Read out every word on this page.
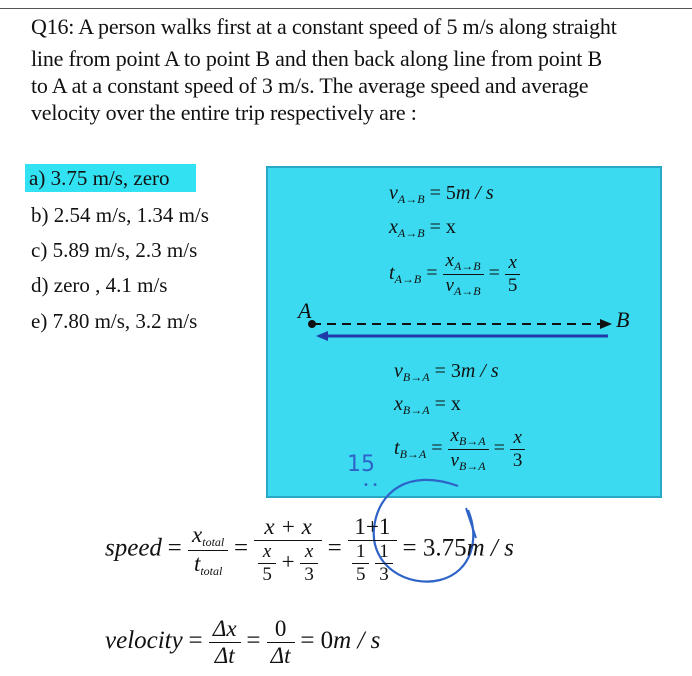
Q16: A person walks first at a constant speed of 5 m/s along straight
line from point A to point B and then back along line from point B
to A at a constant speed of 3 m/s. The average speed and average
velocity over the entire trip respectively are :
a) 3.75 m/s, zero
b) 2.54 m/s, 1.34 m/s
c) 5.89 m/s, 2.3 m/s
d) zero , 4.1 m/s
e) 7.80 m/s, 3.2 m/s
$v_{A\to B} = 5m / s$
$x_{A\to B} = x$
$t_{A\to B} = \frac{x_{A\to B}}{v_{A\to B}} = \frac{x}{5}$
A	B
$v_{B\to A} = 3m / s$
$x_{B\to A} = x$
$t_{B\to A} = \frac{x_{B\to A}}{v_{B\to A}} = \frac{x}{3}$
15
• •
speed = $\frac{x_{total}}{t_{total}} = \frac{x + x}{\frac{x}{5} + \frac{x}{3}} = 1+1$
$\frac{1}{5}$
$\frac{1}{3} = 3.75m / s$
velocity = $\frac{\Delta x}{\Delta t} = \frac{0}{\Delta t} = 0m / s$
